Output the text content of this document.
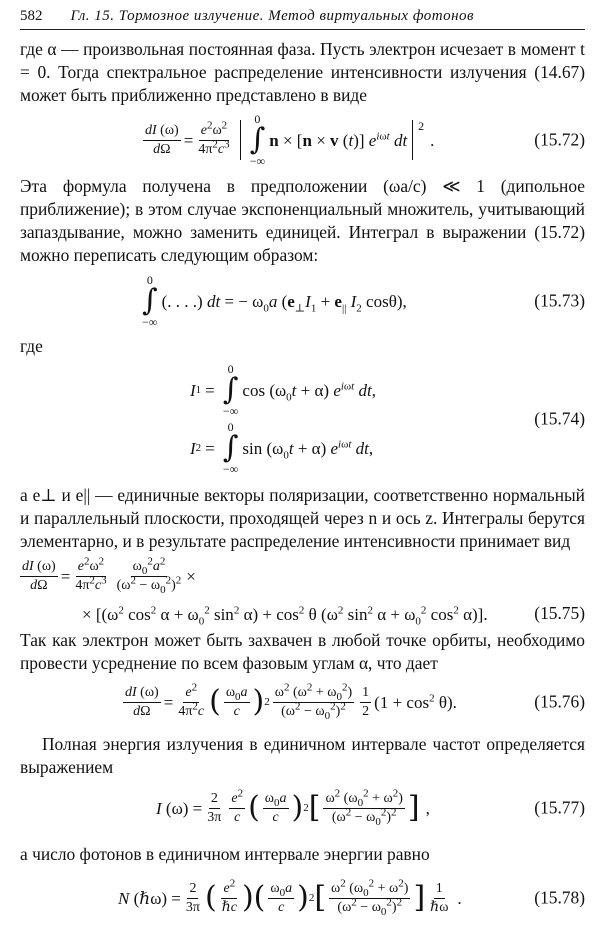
582 Гл. 15. Тормозное излучение. Метод виртуальных фотонов

где α — произвольная постоянная фаза. Пусть электрон исчезает в момент t = 0. Тогда спектральное распределение интенсивности излучения (14.67) может быть приближенно представлено в виде

$\frac{dI (\omega)}{d\Omega} = \frac{e^2\omega^2}{4\pi^2c^3}$
0
∫
−∞
n × [n × v (t)] $e^{i\omega t}$ dt
$^2$
.	(15.72)

Эта формула получена в предположении (ωa/c) ≪ 1 (дипольное приближение); в этом случае экспоненциальный множитель, учитывающий запаздывание, можно заменить единицей. Интеграл в выражении (15.72) можно переписать следующим образом:

0
∫
−∞
(. . . .) dt = − $\omega_0a$ ($e_\perp I_1 + e_{||}$ $I_2$ cosθ),	(15.73)

где

I 1 =
0
∫
−∞
$\cos (\omega_0t + \alpha)$ $e^{i\omega t}$ dt,
I 2 =
0
∫
−∞
$\sin (\omega_0t + \alpha)$ $e^{i\omega t}$ dt,
(15.74)

а e⊥ и e|| — единичные векторы поляризации, соответственно нормальный и параллельный плоскости, проходящей через n и ось z. Интегралы берутся элементарно, и в результате распределение интенсивности принимает вид

$\frac{dI (\omega)}{d\Omega} = \frac{e^2\omega^2}{4\pi^2c^3} \frac{\omega_0^2a^2}{(\omega^2 - \omega_0^2)^2}$ ×
× [($\omega^2$ $\cos^2 \alpha + \omega_0^2$ $\sin^2 \alpha) + \cos^2 \theta$ ($\omega^2$ $\sin^2 \alpha + \omega_0^2$ $\cos^2 \alpha$)].	(15.75)

Так как электрон может быть захвачен в любой точке орбиты, необходимо провести усреднение по всем фазовым углам α, что дает

$\frac{dI (\omega)}{d\Omega} = \frac{e^2}{4\pi^2c}$ ( $\frac{\omega_0a}{c}$ ) $2 \frac{\omega^2 (\omega^2 + \omega_0^2)}{(\omega^2 - \omega_0^2)^2} \frac{1}{2} (1 + \cos^2 \theta)$.	(15.76)

Полная энергия излучения в единичном интервале частот определяется выражением

I $(\omega) = \frac{2}{3\pi} \frac{e^2}{c}$ ( $\frac{\omega_0a}{c}$ ) 2 [ $\frac{\omega^2 (\omega_0^2 + \omega^2)}{(\omega^2 - \omega_0^2)^2}$ ] ,	(15.77)

а число фотонов в единичном интервале энергии равно

N (ℏω) = $\frac{2}{3\pi}$ ( $\frac{e^2}{\text{ℏc}}$ ) ( $\frac{\omega_0a}{c}$ ) 2 [ $\frac{\omega^2 (\omega_0^2 + \omega^2)}{(\omega^2 - \omega_0^2)^2}$ ] $\frac{1}{\text{ℏω}}$ .	(15.78)
